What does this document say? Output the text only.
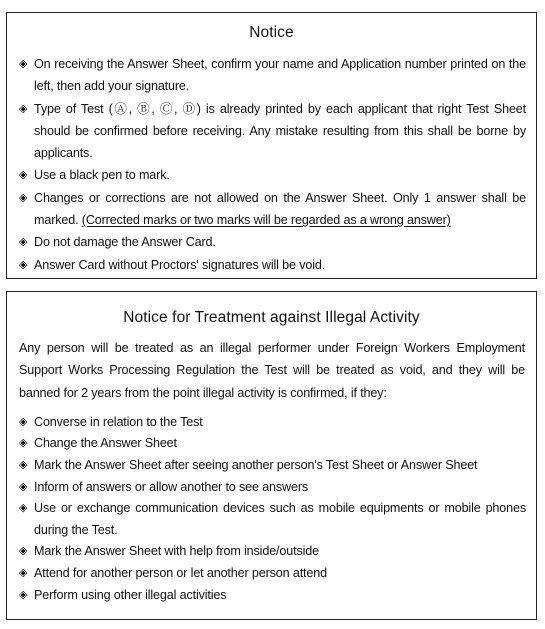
Notice
◈ On receiving the Answer Sheet, confirm your name and Application number printed on the left, then add your signature.
◈ Type of Test (Ⓐ, Ⓑ, Ⓒ, Ⓓ) is already printed by each applicant that right Test Sheet should be confirmed before receiving. Any mistake resulting from this shall be borne by applicants.
◈ Use a black pen to mark.
◈ Changes or corrections are not allowed on the Answer Sheet. Only 1 answer shall be marked. (Corrected marks or two marks will be regarded as a wrong answer)
◈ Do not damage the Answer Card.
◈ Answer Card without Proctors' signatures will be void.
Notice for Treatment against Illegal Activity

Any person will be treated as an illegal performer under Foreign Workers Employment Support Works Processing Regulation the Test will be treated as void, and they will be banned for 2 years from the point illegal activity is confirmed, if they:

◈ Converse in relation to the Test
◈ Change the Answer Sheet
◈ Mark the Answer Sheet after seeing another person's Test Sheet or Answer Sheet
◈ Inform of answers or allow another to see answers
◈ Use or exchange communication devices such as mobile equipments or mobile phones during the Test.
◈ Mark the Answer Sheet with help from inside/outside
◈ Attend for another person or let another person attend
◈ Perform using other illegal activities
